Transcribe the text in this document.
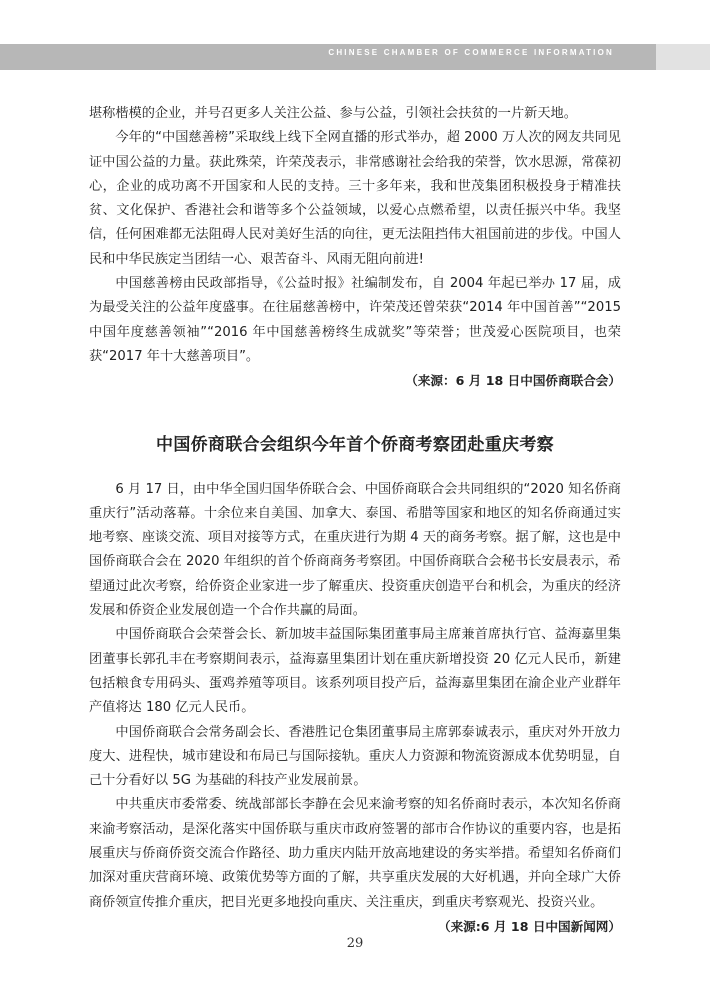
CHINESE CHAMBER OF COMMERCE INFORMATION

堪称楷模的企业，并号召更多人关注公益、参与公益，引领社会扶贫的一片新天地。

今年的“中国慈善榜”采取线上线下全网直播的形式举办，超 2000 万人次的网友共同见证中国公益的力量。获此殊荣，许荣茂表示，非常感谢社会给我的荣誉，饮水思源，常葆初心，企业的成功离不开国家和人民的支持。三十多年来，我和世茂集团积极投身于精准扶贫、文化保护、香港社会和谐等多个公益领域，以爱心点燃希望，以责任振兴中华。我坚信，任何困难都无法阻碍人民对美好生活的向往，更无法阻挡伟大祖国前进的步伐。中国人民和中华民族定当团结一心、艰苦奋斗、风雨无阻向前进!

中国慈善榜由民政部指导，《公益时报》社编制发布，自 2004 年起已举办 17 届，成为最受关注的公益年度盛事。在往届慈善榜中，许荣茂还曾荣获“2014 年中国首善”“2015 中国年度慈善领袖”“2016 年中国慈善榜终生成就奖”等荣誉；世茂爱心医院项目，也荣获“2017 年十大慈善项目”。

（来源：6 月 18 日中国侨商联合会）
中国侨商联合会组织今年首个侨商考察团赴重庆考察

6 月 17 日，由中华全国归国华侨联合会、中国侨商联合会共同组织的“2020 知名侨商重庆行”活动落幕。十余位来自美国、加拿大、泰国、希腊等国家和地区的知名侨商通过实地考察、座谈交流、项目对接等方式，在重庆进行为期 4 天的商务考察。据了解，这也是中国侨商联合会在 2020 年组织的首个侨商商务考察团。中国侨商联合会秘书长安晨表示，希望通过此次考察，给侨资企业家进一步了解重庆、投资重庆创造平台和机会，为重庆的经济发展和侨资企业发展创造一个合作共赢的局面。

中国侨商联合会荣誉会长、新加坡丰益国际集团董事局主席兼首席执行官、益海嘉里集团董事长郭孔丰在考察期间表示，益海嘉里集团计划在重庆新增投资 20 亿元人民币，新建包括粮食专用码头、蛋鸡养殖等项目。该系列项目投产后，益海嘉里集团在渝企业产业群年产值将达 180 亿元人民币。

中国侨商联合会常务副会长、香港胜记仓集团董事局主席郭泰诚表示，重庆对外开放力度大、进程快，城市建设和布局已与国际接轨。重庆人力资源和物流资源成本优势明显，自己十分看好以 5G 为基础的科技产业发展前景。

中共重庆市委常委、统战部部长李静在会见来渝考察的知名侨商时表示，本次知名侨商来渝考察活动，是深化落实中国侨联与重庆市政府签署的部市合作协议的重要内容，也是拓展重庆与侨商侨资交流合作路径、助力重庆内陆开放高地建设的务实举措。希望知名侨商们加深对重庆营商环境、政策优势等方面的了解，共享重庆发展的大好机遇，并向全球广大侨商侨领宣传推介重庆，把目光更多地投向重庆、关注重庆，到重庆考察观光、投资兴业。

（来源:6 月 18 日中国新闻网）
29
